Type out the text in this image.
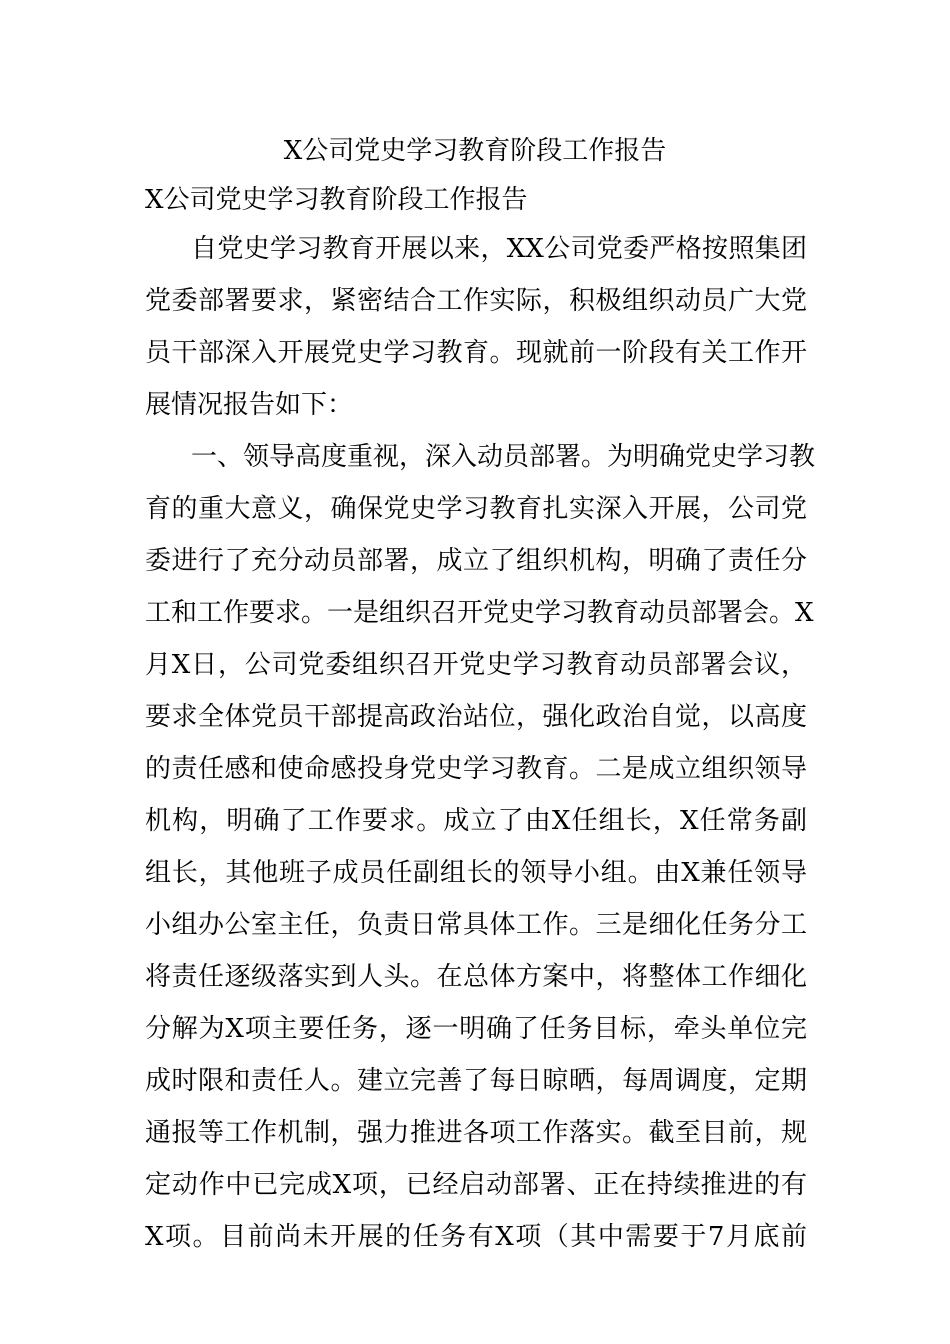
X公司党史学习教育阶段工作报告
X公司党史学习教育阶段工作报告
自党史学习教育开展以来，XX公司党委严格按照集团
党委部署要求，紧密结合工作实际，积极组织动员广大党
员干部深入开展党史学习教育。现就前一阶段有关工作开
展情况报告如下：
一、领导高度重视，深入动员部署。为明确党史学习教
育的重大意义，确保党史学习教育扎实深入开展，公司党
委进行了充分动员部署，成立了组织机构，明确了责任分
工和工作要求。一是组织召开党史学习教育动员部署会。X
月X日，公司党委组织召开党史学习教育动员部署会议，
要求全体党员干部提高政治站位，强化政治自觉，以高度
的责任感和使命感投身党史学习教育。二是成立组织领导
机构，明确了工作要求。成立了由X任组长，X任常务副
组长，其他班子成员任副组长的领导小组。由X兼任领导
小组办公室主任，负责日常具体工作。三是细化任务分工
将责任逐级落实到人头。在总体方案中，将整体工作细化
分解为X项主要任务，逐一明确了任务目标，牵头单位完
成时限和责任人。建立完善了每日晾晒，每周调度，定期
通报等工作机制，强力推进各项工作落实。截至目前，规
定动作中已完成X项，已经启动部署、正在持续推进的有
X项。目前尚未开展的任务有X项（其中需要于7月底前
